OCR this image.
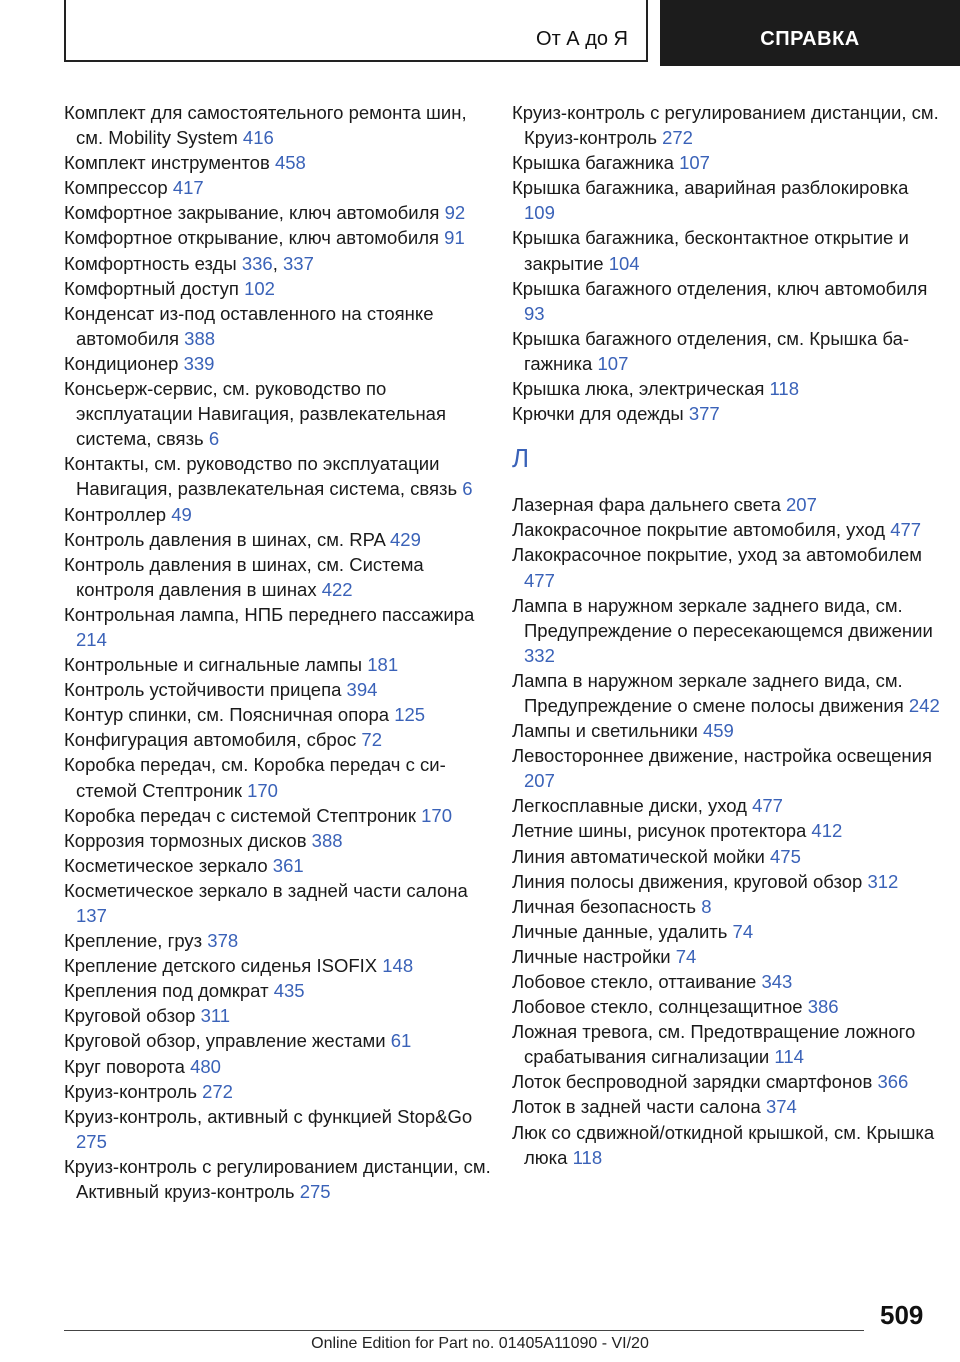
От А до Я	СПРАВКА
Комплект для самостоятельного ремонта шин, см. Mobility System 416
Комплект инструментов 458
Компрессор 417
Комфортное закрывание, ключ автомобиля 92
Комфортное открывание, ключ автомобиля 91
Комфортность езды 336, 337
Комфортный доступ 102
Конденсат из-под оставленного на стоянке автомобиля 388
Кондиционер 339
Консьерж-сервис, см. руководство по эксплуатации Навигация, развлекательная система, связь 6
Контакты, см. руководство по эксплуатации Навигация, развлекательная система, связь 6
Контроллер 49
Контроль давления в шинах, см. RPA 429
Контроль давления в шинах, см. Система контроля давления в шинах 422
Контрольная лампа, НПБ переднего пассажира 214
Контрольные и сигнальные лампы 181
Контроль устойчивости прицепа 394
Контур спинки, см. Поясничная опора 125
Конфигурация автомобиля, сброс 72
Коробка передач, см. Коробка передач с системой Стептроник 170
Коробка передач с системой Стептроник 170
Коррозия тормозных дисков 388
Косметическое зеркало 361
Косметическое зеркало в задней части салона 137
Крепление, груз 378
Крепление детского сиденья ISOFIX 148
Крепления под домкрат 435
Круговой обзор 311
Круговой обзор, управление жестами 61
Круг поворота 480
Круиз-контроль 272
Круиз-контроль, активный с функцией Stop&Go 275
Круиз-контроль с регулированием дистанции, см. Активный круиз-контроль 275
Круиз-контроль с регулированием дистанции, см. Круиз-контроль 272
Крышка багажника 107
Крышка багажника, аварийная разблокировка 109
Крышка багажника, бесконтактное открытие и закрытие 104
Крышка багажного отделения, ключ автомобиля 93
Крышка багажного отделения, см. Крышка багажника 107
Крышка люка, электрическая 118
Крючки для одежды 377
Л
Лазерная фара дальнего света 207
Лакокрасочное покрытие автомобиля, уход 477
Лакокрасочное покрытие, уход за автомобилем 477
Лампа в наружном зеркале заднего вида, см. Предупреждение о пересекающемся движении 332
Лампа в наружном зеркале заднего вида, см. Предупреждение о смене полосы движения 242
Лампы и светильники 459
Левостороннее движение, настройка освещения 207
Легкосплавные диски, уход 477
Летние шины, рисунок протектора 412
Линия автоматической мойки 475
Линия полосы движения, круговой обзор 312
Личная безопасность 8
Личные данные, удалить 74
Личные настройки 74
Лобовое стекло, оттаивание 343
Лобовое стекло, солнцезащитное 386
Ложная тревога, см. Предотвращение ложного срабатывания сигнализации 114
Лоток беспроводной зарядки смартфонов 366
Лоток в задней части салона 374
Люк со сдвижной/откидной крышкой, см. Крышка люка 118
509
Online Edition for Part no. 01405A11090 - VI/20
